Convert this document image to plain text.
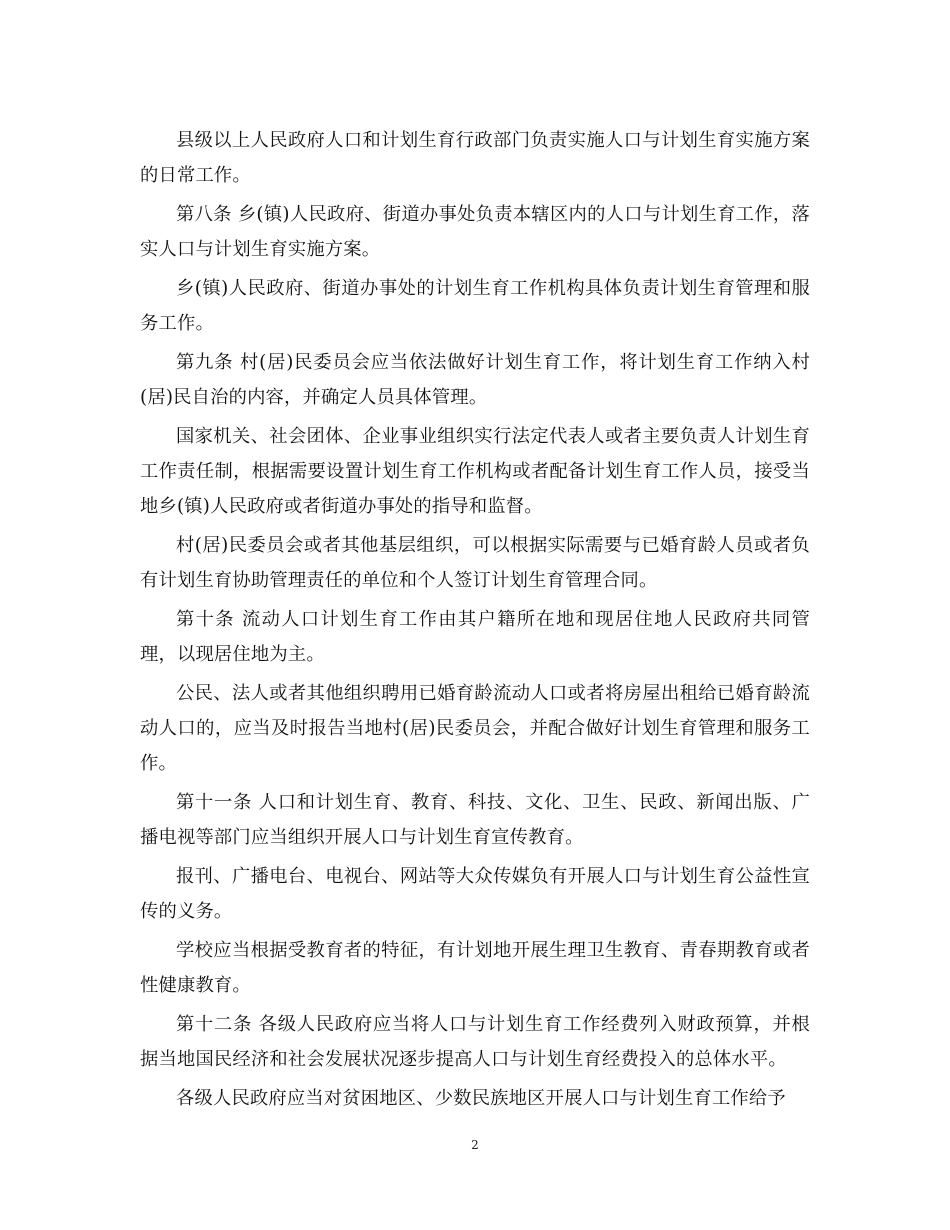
县级以上人民政府人口和计划生育行政部门负责实施人口与计划生育实施方案的日常工作。

第八条 乡(镇)人民政府、街道办事处负责本辖区内的人口与计划生育工作，落实人口与计划生育实施方案。

乡(镇)人民政府、街道办事处的计划生育工作机构具体负责计划生育管理和服务工作。

第九条 村(居)民委员会应当依法做好计划生育工作，将计划生育工作纳入村(居)民自治的内容，并确定人员具体管理。

国家机关、社会团体、企业事业组织实行法定代表人或者主要负责人计划生育工作责任制，根据需要设置计划生育工作机构或者配备计划生育工作人员，接受当地乡(镇)人民政府或者街道办事处的指导和监督。

村(居)民委员会或者其他基层组织，可以根据实际需要与已婚育龄人员或者负有计划生育协助管理责任的单位和个人签订计划生育管理合同。

第十条 流动人口计划生育工作由其户籍所在地和现居住地人民政府共同管理，以现居住地为主。

公民、法人或者其他组织聘用已婚育龄流动人口或者将房屋出租给已婚育龄流动人口的，应当及时报告当地村(居)民委员会，并配合做好计划生育管理和服务工作。

第十一条 人口和计划生育、教育、科技、文化、卫生、民政、新闻出版、广播电视等部门应当组织开展人口与计划生育宣传教育。

报刊、广播电台、电视台、网站等大众传媒负有开展人口与计划生育公益性宣传的义务。

学校应当根据受教育者的特征，有计划地开展生理卫生教育、青春期教育或者性健康教育。

第十二条 各级人民政府应当将人口与计划生育工作经费列入财政预算，并根据当地国民经济和社会发展状况逐步提高人口与计划生育经费投入的总体水平。

各级人民政府应当对贫困地区、少数民族地区开展人口与计划生育工作给予

2
